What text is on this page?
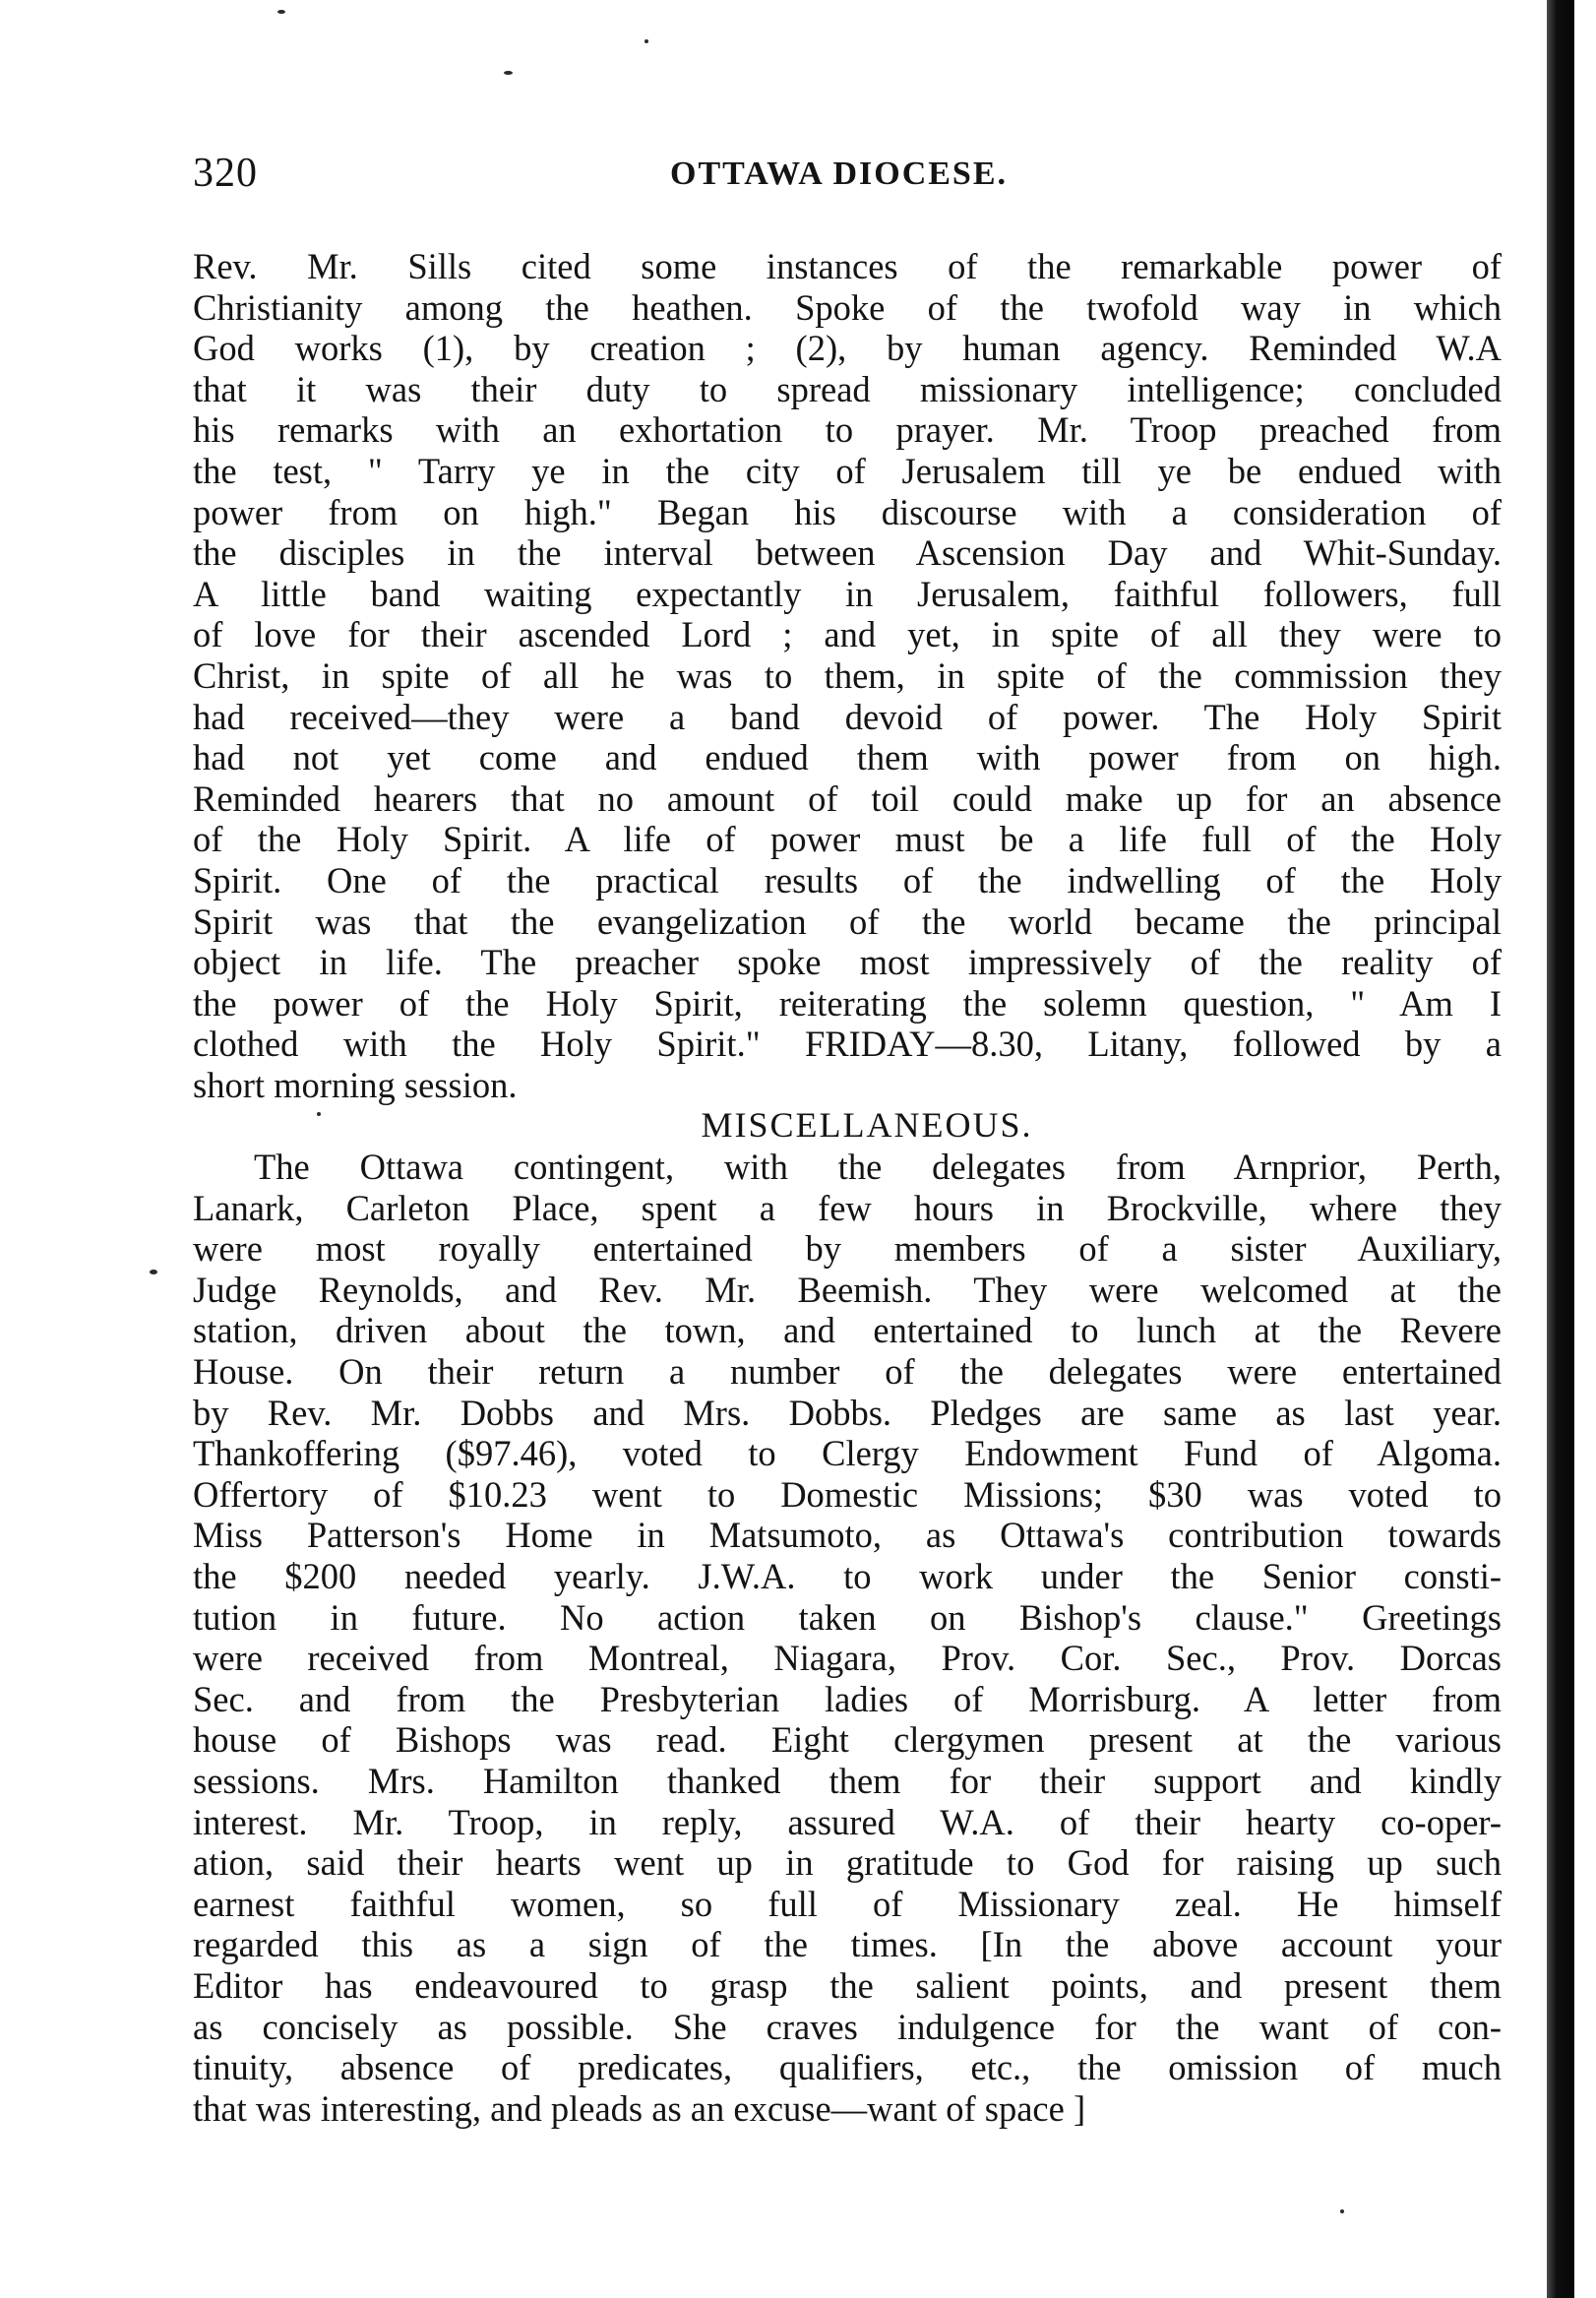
320	OTTAWA DIOCESE.
Rev. Mr. Sills cited some instances of the remarkable power of
Christianity among the heathen. Spoke of the twofold way in which
God works (1), by creation ; (2), by human agency. Reminded W.A
that it was their duty to spread missionary intelligence; concluded
his remarks with an exhortation to prayer. Mr. Troop preached from
the test, " Tarry ye in the city of Jerusalem till ye be endued with
power from on high." Began his discourse with a consideration of
the disciples in the interval between Ascension Day and Whit-Sunday.
A little band waiting expectantly in Jerusalem, faithful followers, full
of love for their ascended Lord ; and yet, in spite of all they were to
Christ, in spite of all he was to them, in spite of the commission they
had received—they were a band devoid of power. The Holy Spirit
had not yet come and endued them with power from on high.
Reminded hearers that no amount of toil could make up for an absence
of the Holy Spirit. A life of power must be a life full of the Holy
Spirit. One of the practical results of the indwelling of the Holy
Spirit was that the evangelization of the world became the principal
object in life. The preacher spoke most impressively of the reality of
the power of the Holy Spirit, reiterating the solemn question, " Am I
clothed with the Holy Spirit." FRIDAY—8.30, Litany, followed by a
short morning session.
MISCELLANEOUS.
The Ottawa contingent, with the delegates from Arnprior, Perth,
Lanark, Carleton Place, spent a few hours in Brockville, where they
were most royally entertained by members of a sister Auxiliary,
Judge Reynolds, and Rev. Mr. Beemish. They were welcomed at the
station, driven about the town, and entertained to lunch at the Revere
House. On their return a number of the delegates were entertained
by Rev. Mr. Dobbs and Mrs. Dobbs. Pledges are same as last year.
Thankoffering ($97.46), voted to Clergy Endowment Fund of Algoma.
Offertory of $10.23 went to Domestic Missions; $30 was voted to
Miss Patterson's Home in Matsumoto, as Ottawa's contribution towards
the $200 needed yearly. J.W.A. to work under the Senior consti-
tution in future. No action taken on Bishop's clause." Greetings
were received from Montreal, Niagara, Prov. Cor. Sec., Prov. Dorcas
Sec. and from the Presbyterian ladies of Morrisburg. A letter from
house of Bishops was read. Eight clergymen present at the various
sessions. Mrs. Hamilton thanked them for their support and kindly
interest. Mr. Troop, in reply, assured W.A. of their hearty co-oper-
ation, said their hearts went up in gratitude to God for raising up such
earnest faithful women, so full of Missionary zeal. He himself
regarded this as a sign of the times. [In the above account your
Editor has endeavoured to grasp the salient points, and present them
as concisely as possible. She craves indulgence for the want of con-
tinuity, absence of predicates, qualifiers, etc., the omission of much
that was interesting, and pleads as an excuse—want of space ]
